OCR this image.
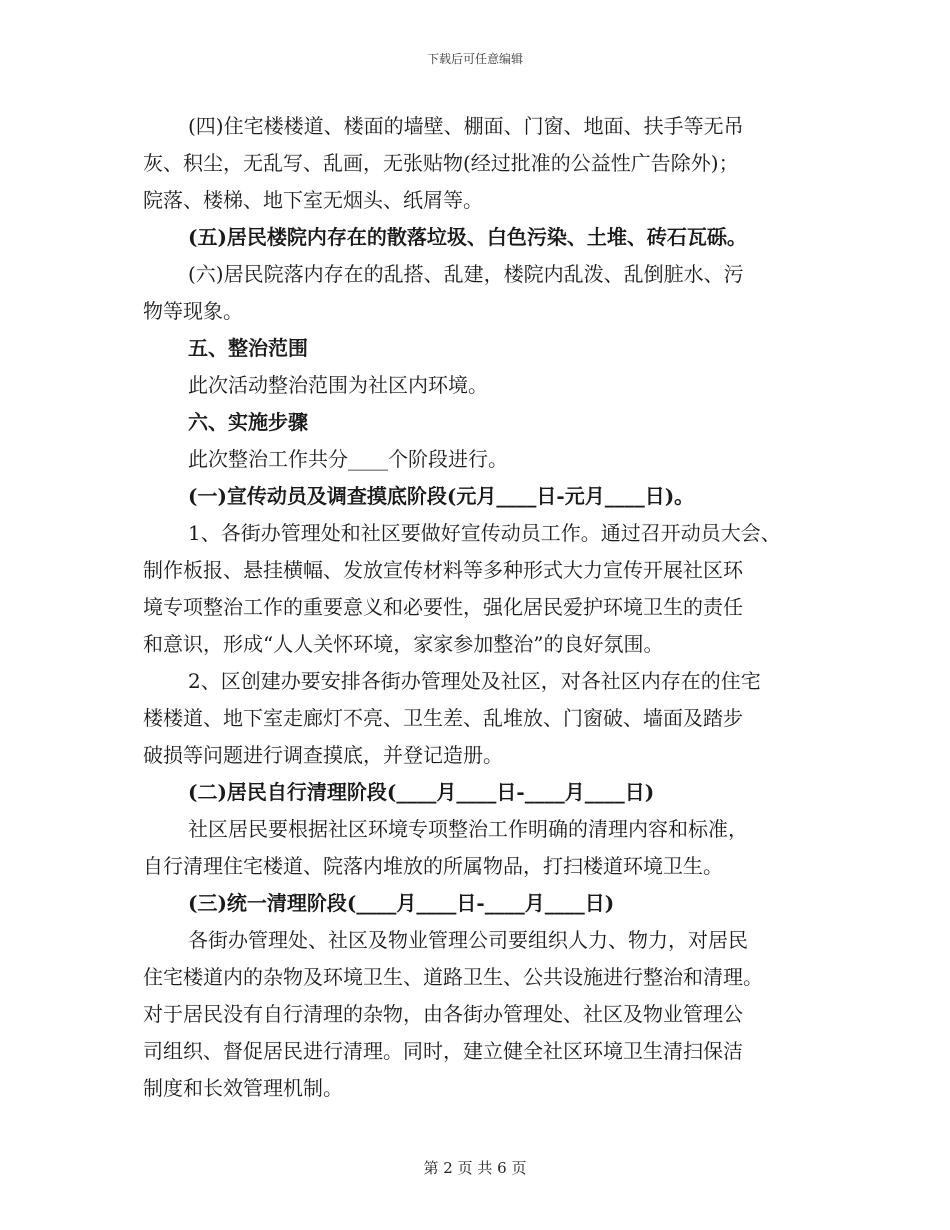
下载后可任意编辑

(四)住宅楼楼道、楼面的墙壁、棚面、门窗、地面、扶手等无吊
灰、积尘，无乱写、乱画，无张贴物(经过批准的公益性广告除外)；
院落、楼梯、地下室无烟头、纸屑等。

(五)居民楼院内存在的散落垃圾、白色污染、土堆、砖石瓦砾。

(六)居民院落内存在的乱搭、乱建，楼院内乱泼、乱倒脏水、污
物等现象。

五、整治范围

此次活动整治范围为社区内环境。

六、实施步骤

此次整治工作共分____个阶段进行。

(一)宣传动员及调查摸底阶段(元月____日-元月____日)。

1、各街办管理处和社区要做好宣传动员工作。通过召开动员大会、
制作板报、悬挂横幅、发放宣传材料等多种形式大力宣传开展社区环
境专项整治工作的重要意义和必要性，强化居民爱护环境卫生的责任
和意识，形成“人人关怀环境，家家参加整治”的良好氛围。

2、区创建办要安排各街办管理处及社区，对各社区内存在的住宅
楼楼道、地下室走廊灯不亮、卫生差、乱堆放、门窗破、墙面及踏步
破损等问题进行调查摸底，并登记造册。

(二)居民自行清理阶段(____月____日-____月____日)

社区居民要根据社区环境专项整治工作明确的清理内容和标准，
自行清理住宅楼道、院落内堆放的所属物品，打扫楼道环境卫生。

(三)统一清理阶段(____月____日-____月____日)

各街办管理处、社区及物业管理公司要组织人力、物力，对居民
住宅楼道内的杂物及环境卫生、道路卫生、公共设施进行整治和清理。
对于居民没有自行清理的杂物，由各街办管理处、社区及物业管理公
司组织、督促居民进行清理。同时，建立健全社区环境卫生清扫保洁
制度和长效管理机制。

第 2 页 共 6 页
